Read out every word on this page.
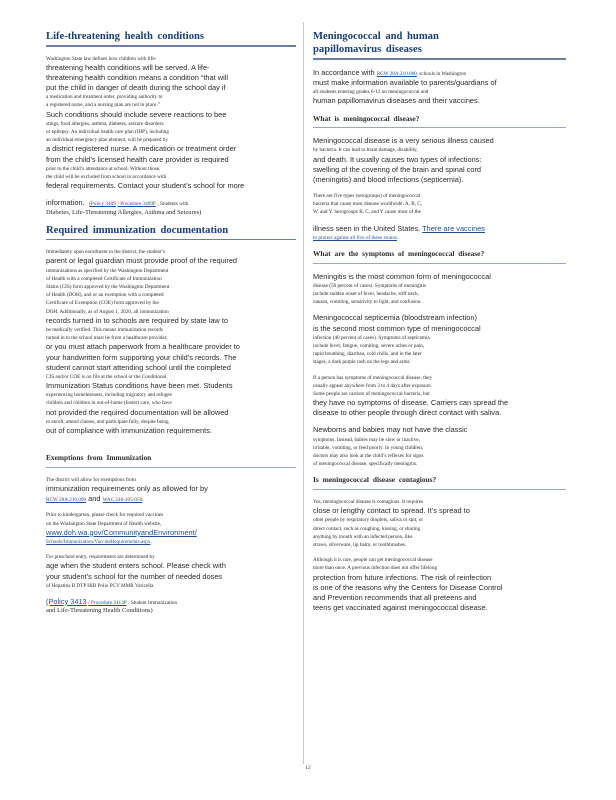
Life-threatening health conditions

Washington State law defines how children with life-
threatening health conditions will be served. A life-
threatening health condition means a condition “that will
put the child in danger of death during the school day if
a medication and treatment order, providing authority to
a registered nurse, and a nursing plan are not in place.”
Such conditions should include severe reactions to bee
stings, food allergies, asthma, diabetes, seizure disorders
or epilepsy. An individual health care plan (IHP), including
an individual emergency plan element, will be prepared by
a district registered nurse. A medication or treatment order
from the child’s licensed health care provider is required
prior to the child’s attendance at school. Without those,
the child will be excluded from school in accordance with
federal requirements. Contact your student’s school for more

information. (Policy 3409 / Procedure 3409P , Students with

Diabetes, Life-Threatening Allergies, Asthma and Seizures)

Required immunization documentation

Immediately upon enrollment in the district, the student’s
parent or legal guardian must provide proof of the required
immunizations as specified by the Washington Department
of Health with a completed Certificate of Immunization
Status (CIS) form approved by the Washington Department
of Health (DOH), and or an exemption with a completed
Certificate of Exemption (COE) form approved by the
DOH. Additionally, as of August 1, 2020, all immunization
records turned in to schools are required by state law to
be medically verified. This means immunization records
turned in to the school must be from a healthcare provider,
or you must attach paperwork from a healthcare provider to
your handwritten form supporting your child’s records. The
student cannot start attending school until the completed
CIS and/or COE is on file at the school or the Conditional
Immunization Status conditions have been met. Students
experiencing homelessness, including migratory and refugee
children and children in out-of-home (foster) care, who have
not provided the required documentation will be allowed
to enroll, attend classes, and participate fully, despite being
out of compliance with immunization requirements.

Exemptions from Immunization

The district will allow for exemptions from
immunization requirements only as allowed for by
RCW 28A.210.090 and WAC 246-105-050.

Prior to kindergarten, please check for required vaccines
on the Washington State Department of Health website,
www.doh.wa.gov/CommunityandEnvironment/
Schools/Immunization/VaccineRequirements.aspx.

For preschool entry, requirements are determined by
age when the student enters school. Please check with
your student’s school for the number of needed doses
of Hepatitis B DTP HIB Polio PCV MMR Varicella

(Policy 3413 / Procedure 3413P , Student Immunization

and Life-Threatening Health Conditions)

Meningococcal and human papillomavirus diseases

In accordance with RCW 28A.210.080, schools in Washington

must make information available to parents/guardians of
all students entering grades 6-12 on meningococcal and
human papillomavirus diseases and their vaccines.

What is meningococcal disease?

Meningococcal disease is a very serious illness caused
by bacteria. It can lead to brain damage, disability,
and death. It usually causes two types of infections:
swelling of the covering of the brain and spinal cord
(meningitis) and blood infections (septicemia).

There are five types (serogroups) of meningococcal
bacteria that cause most disease worldwide: A, B, C,
W, and Y. Serogroups B, C, and Y cause most of the

illness seen in the United States. There are vaccines
to protect against all five of these strains.

What are the symptoms of meningococcal disease?

Meningitis is the most common form of meningococcal
disease (50 percent of cases). Symptoms of meningitis
include sudden onset of fever, headache, stiff neck,
nausea, vomiting, sensitivity to light, and confusion.

Meningococcal septicemia (bloodstream infection)
is the second most common type of meningococcal
infection (40 percent of cases). Symptoms of septicemia
include fever, fatigue, vomiting, severe aches or pain,
rapid breathing, diarrhea, cold chills, and in the later
stages, a dark purple rash on the legs and arms.

If a person has symptoms of meningococcal disease, they
usually appear anywhere from 3 to 4 days after exposure.
Some people are carriers of meningococcal bacteria, but
they have no symptoms of disease. Carriers can spread the
disease to other people through direct contact with saliva.

Newborns and babies may not have the classic
symptoms. Instead, babies may be slow or inactive,
irritable, vomiting, or feed poorly. In young children,
doctors may also look at the child’s reflexes for signs
of meningococcal disease, specifically meningitis.

Is meningococcal disease contagious?

Yes, meningococcal disease is contagious. It requires
close or lengthy contact to spread. It’s spread to
other people by respiratory droplets, saliva or spit, or
direct contact, such as coughing, kissing, or sharing
anything by mouth with an infected person, like
straws, silverware, lip balm, or toothbrushes.

Although it is rare, people can get meningococcal disease
more than once. A previous infection does not offer lifelong
protection from future infections. The risk of reinfection
is one of the reasons why the Centers for Disease Control
and Prevention recommends that all preteens and
teens get vaccinated against meningococcal disease.

12
